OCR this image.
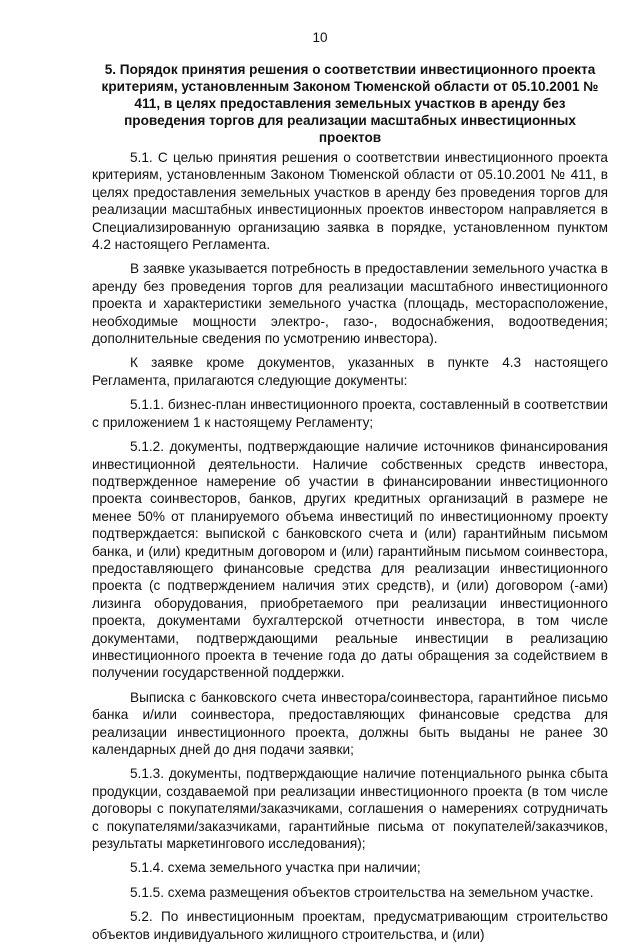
10
5. Порядок принятия решения о соответствии инвестиционного проекта критериям, установленным Законом Тюменской области от 05.10.2001 № 411, в целях предоставления земельных участков в аренду без проведения торгов для реализации масштабных инвестиционных проектов

5.1. С целью принятия решения о соответствии инвестиционного проекта критериям, установленным Законом Тюменской области от 05.10.2001 № 411, в целях предоставления земельных участков в аренду без проведения торгов для реализации масштабных инвестиционных проектов инвестором направляется в Специализированную организацию заявка в порядке, установленном пунктом 4.2 настоящего Регламента.

В заявке указывается потребность в предоставлении земельного участка в аренду без проведения торгов для реализации масштабного инвестиционного проекта и характеристики земельного участка (площадь, месторасположение, необходимые мощности электро-, газо-, водоснабжения, водоотведения; дополнительные сведения по усмотрению инвестора).

К заявке кроме документов, указанных в пункте 4.3 настоящего Регламента, прилагаются следующие документы:

5.1.1. бизнес-план инвестиционного проекта, составленный в соответствии с приложением 1 к настоящему Регламенту;

5.1.2. документы, подтверждающие наличие источников финансирования инвестиционной деятельности. Наличие собственных средств инвестора, подтвержденное намерение об участии в финансировании инвестиционного проекта соинвесторов, банков, других кредитных организаций в размере не менее 50% от планируемого объема инвестиций по инвестиционному проекту подтверждается: выпиской с банковского счета и (или) гарантийным письмом банка, и (или) кредитным договором и (или) гарантийным письмом соинвестора, предоставляющего финансовые средства для реализации инвестиционного проекта (с подтверждением наличия этих средств), и (или) договором (-ами) лизинга оборудования, приобретаемого при реализации инвестиционного проекта, документами бухгалтерской отчетности инвестора, в том числе документами, подтверждающими реальные инвестиции в реализацию инвестиционного проекта в течение года до даты обращения за содействием в получении государственной поддержки.

Выписка с банковского счета инвестора/соинвестора, гарантийное письмо банка и/или соинвестора, предоставляющих финансовые средства для реализации инвестиционного проекта, должны быть выданы не ранее 30 календарных дней до дня подачи заявки;

5.1.3. документы, подтверждающие наличие потенциального рынка сбыта продукции, создаваемой при реализации инвестиционного проекта (в том числе договоры с покупателями/заказчиками, соглашения о намерениях сотрудничать с покупателями/заказчиками, гарантийные письма от покупателей/заказчиков, результаты маркетингового исследования);

5.1.4. схема земельного участка при наличии;

5.1.5. схема размещения объектов строительства на земельном участке.

5.2. По инвестиционным проектам, предусматривающим строительство объектов индивидуального жилищного строительства, и (или)
